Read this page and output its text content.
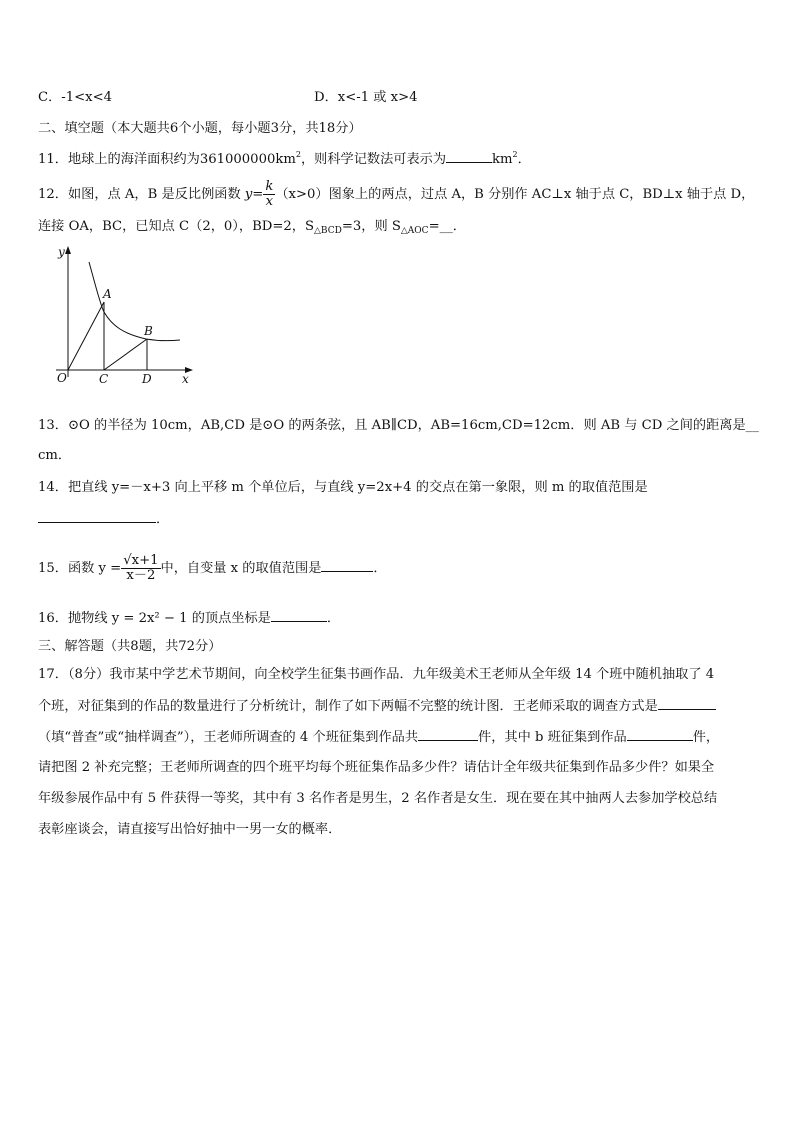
C．-1<x<4	D．x<-1 或 x>4
二、填空题（本大题共6个小题，每小题3分，共18分）
11．地球上的海洋面积约为$361000000km^2$，则科学记数法可表示为	$km^2$．
12．如图，点 A，B 是反比例函数 $y= \frac{k}{x} (x>0)$图象上的两点，过点 A，B 分别作 AC⊥x 轴于点 C，BD⊥x 轴于点 D，
连接 OA，BC，已知点 C（2，0），BD=2，$S_{\triangle BCD}=3$，则 $S_{\triangle AOC}=\_\_$．
y
x
O
A
B
C	D
13．⊙O 的半径为 10cm，AB,CD 是⊙O 的两条弦，且 AB∥CD，AB=16cm,CD=12cm．则 AB 与 CD 之间的距离是__
cm．
14．把直线 y=－x+3 向上平移 m 个单位后，与直线 y=2x+4 的交点在第一象限，则 m 的取值范围是
．
15．函数 $y = \frac{√x+1}{x-2}$ 中，自变量 x 的取值范围是	．
16．抛物线 y = 2x² − 1 的顶点坐标是	．
三、解答题（共8题，共72分）
17．（8分）我市某中学艺术节期间，向全校学生征集书画作品．九年级美术王老师从全年级 14 个班中随机抽取了 4
个班，对征集到的作品的数量进行了分析统计，制作了如下两幅不完整的统计图．王老师采取的调查方式是
（填“普查”或“抽样调查”），王老师所调查的 4 个班征集到作品共	件，其中 b 班征集到作品	件，
请把图 2 补充完整；王老师所调查的四个班平均每个班征集作品多少件？请估计全年级共征集到作品多少件？如果全
年级参展作品中有 5 件获得一等奖，其中有 3 名作者是男生，2 名作者是女生．现在要在其中抽两人去参加学校总结
表彰座谈会，请直接写出恰好抽中一男一女的概率．
